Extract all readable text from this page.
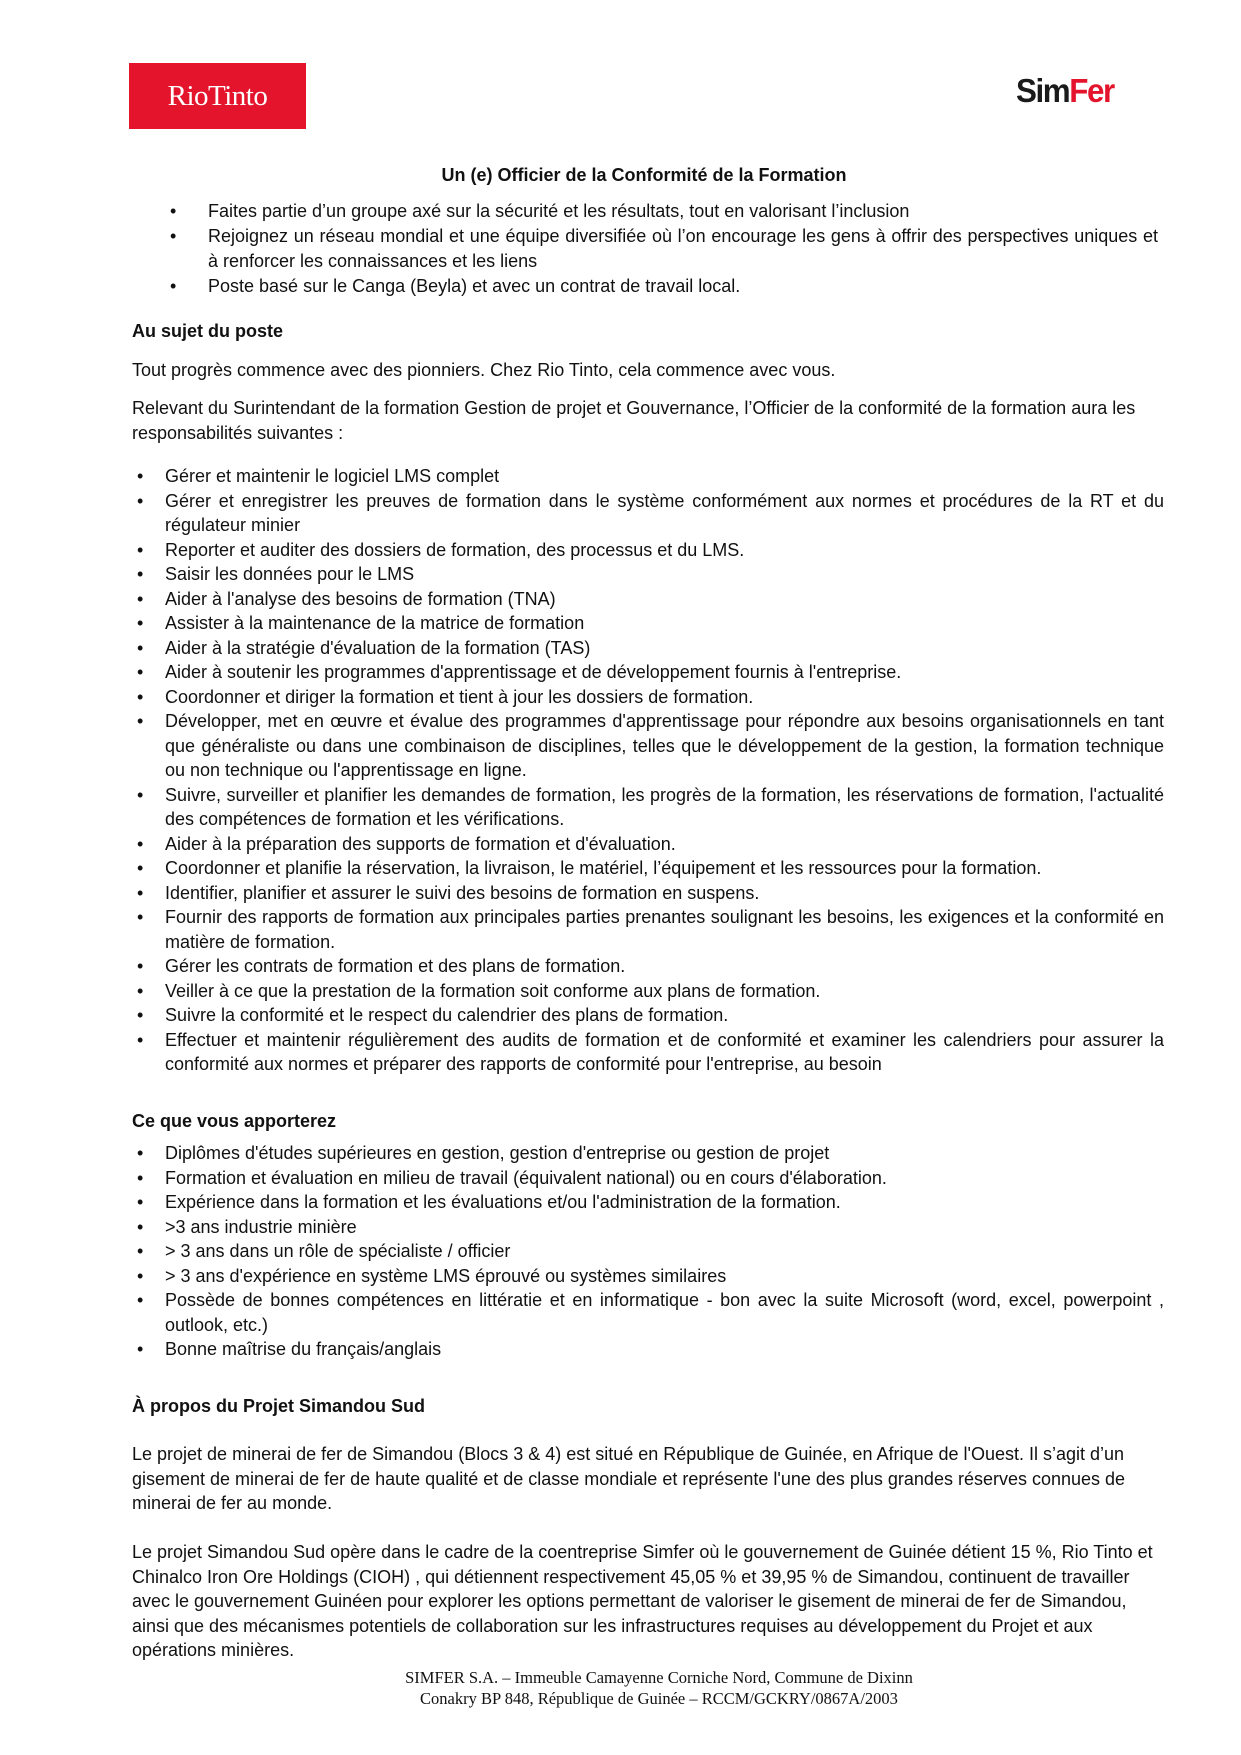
RioTinto	SimFer
Un (e) Officier de la Conformité de la Formation
• Faites partie d’un groupe axé sur la sécurité et les résultats, tout en valorisant l’inclusion
• Rejoignez un réseau mondial et une équipe diversifiée où l’on encourage les gens à offrir des perspectives uniques et à renforcer les connaissances et les liens
• Poste basé sur le Canga (Beyla) et avec un contrat de travail local.
Au sujet du poste
Tout progrès commence avec des pionniers. Chez Rio Tinto, cela commence avec vous.
Relevant du Surintendant de la formation Gestion de projet et Gouvernance, l’Officier de la conformité de la formation aura les responsabilités suivantes :
• Gérer et maintenir le logiciel LMS complet
• Gérer et enregistrer les preuves de formation dans le système conformément aux normes et procédures de la RT et du régulateur minier
• Reporter et auditer des dossiers de formation, des processus et du LMS.
• Saisir les données pour le LMS
• Aider à l'analyse des besoins de formation (TNA)
• Assister à la maintenance de la matrice de formation
• Aider à la stratégie d'évaluation de la formation (TAS)
• Aider à soutenir les programmes d'apprentissage et de développement fournis à l'entreprise.
• Coordonner et diriger la formation et tient à jour les dossiers de formation.
• Développer, met en œuvre et évalue des programmes d'apprentissage pour répondre aux besoins organisationnels en tant que généraliste ou dans une combinaison de disciplines, telles que le développement de la gestion, la formation technique ou non technique ou l'apprentissage en ligne.
• Suivre, surveiller et planifier les demandes de formation, les progrès de la formation, les réservations de formation, l'actualité des compétences de formation et les vérifications.
• Aider à la préparation des supports de formation et d'évaluation.
• Coordonner et planifie la réservation, la livraison, le matériel, l’équipement et les ressources pour la formation.
• Identifier, planifier et assurer le suivi des besoins de formation en suspens.
• Fournir des rapports de formation aux principales parties prenantes soulignant les besoins, les exigences et la conformité en matière de formation.
• Gérer les contrats de formation et des plans de formation.
• Veiller à ce que la prestation de la formation soit conforme aux plans de formation.
• Suivre la conformité et le respect du calendrier des plans de formation.
• Effectuer et maintenir régulièrement des audits de formation et de conformité et examiner les calendriers pour assurer la conformité aux normes et préparer des rapports de conformité pour l'entreprise, au besoin
Ce que vous apporterez
• Diplômes d'études supérieures en gestion, gestion d'entreprise ou gestion de projet
• Formation et évaluation en milieu de travail (équivalent national) ou en cours d'élaboration.
• Expérience dans la formation et les évaluations et/ou l'administration de la formation.
• >3 ans industrie minière
• > 3 ans dans un rôle de spécialiste / officier
• > 3 ans d'expérience en système LMS éprouvé ou systèmes similaires
• Possède de bonnes compétences en littératie et en informatique - bon avec la suite Microsoft (word, excel, powerpoint , outlook, etc.)
• Bonne maîtrise du français/anglais
À propos du Projet Simandou Sud
Le projet de minerai de fer de Simandou (Blocs 3 & 4) est situé en République de Guinée, en Afrique de l'Ouest. Il s’agit d’un gisement de minerai de fer de haute qualité et de classe mondiale et représente l'une des plus grandes réserves connues de minerai de fer au monde.
Le projet Simandou Sud opère dans le cadre de la coentreprise Simfer où le gouvernement de Guinée détient 15 %, Rio Tinto et Chinalco Iron Ore Holdings (CIOH) , qui détiennent respectivement 45,05 % et 39,95 % de Simandou, continuent de travailler avec le gouvernement Guinéen pour explorer les options permettant de valoriser le gisement de minerai de fer de Simandou, ainsi que des mécanismes potentiels de collaboration sur les infrastructures requises au développement du Projet et aux opérations minières.
SIMFER S.A. – Immeuble Camayenne Corniche Nord, Commune de Dixinn
Conakry BP 848, République de Guinée – RCCM/GCKRY/0867A/2003
